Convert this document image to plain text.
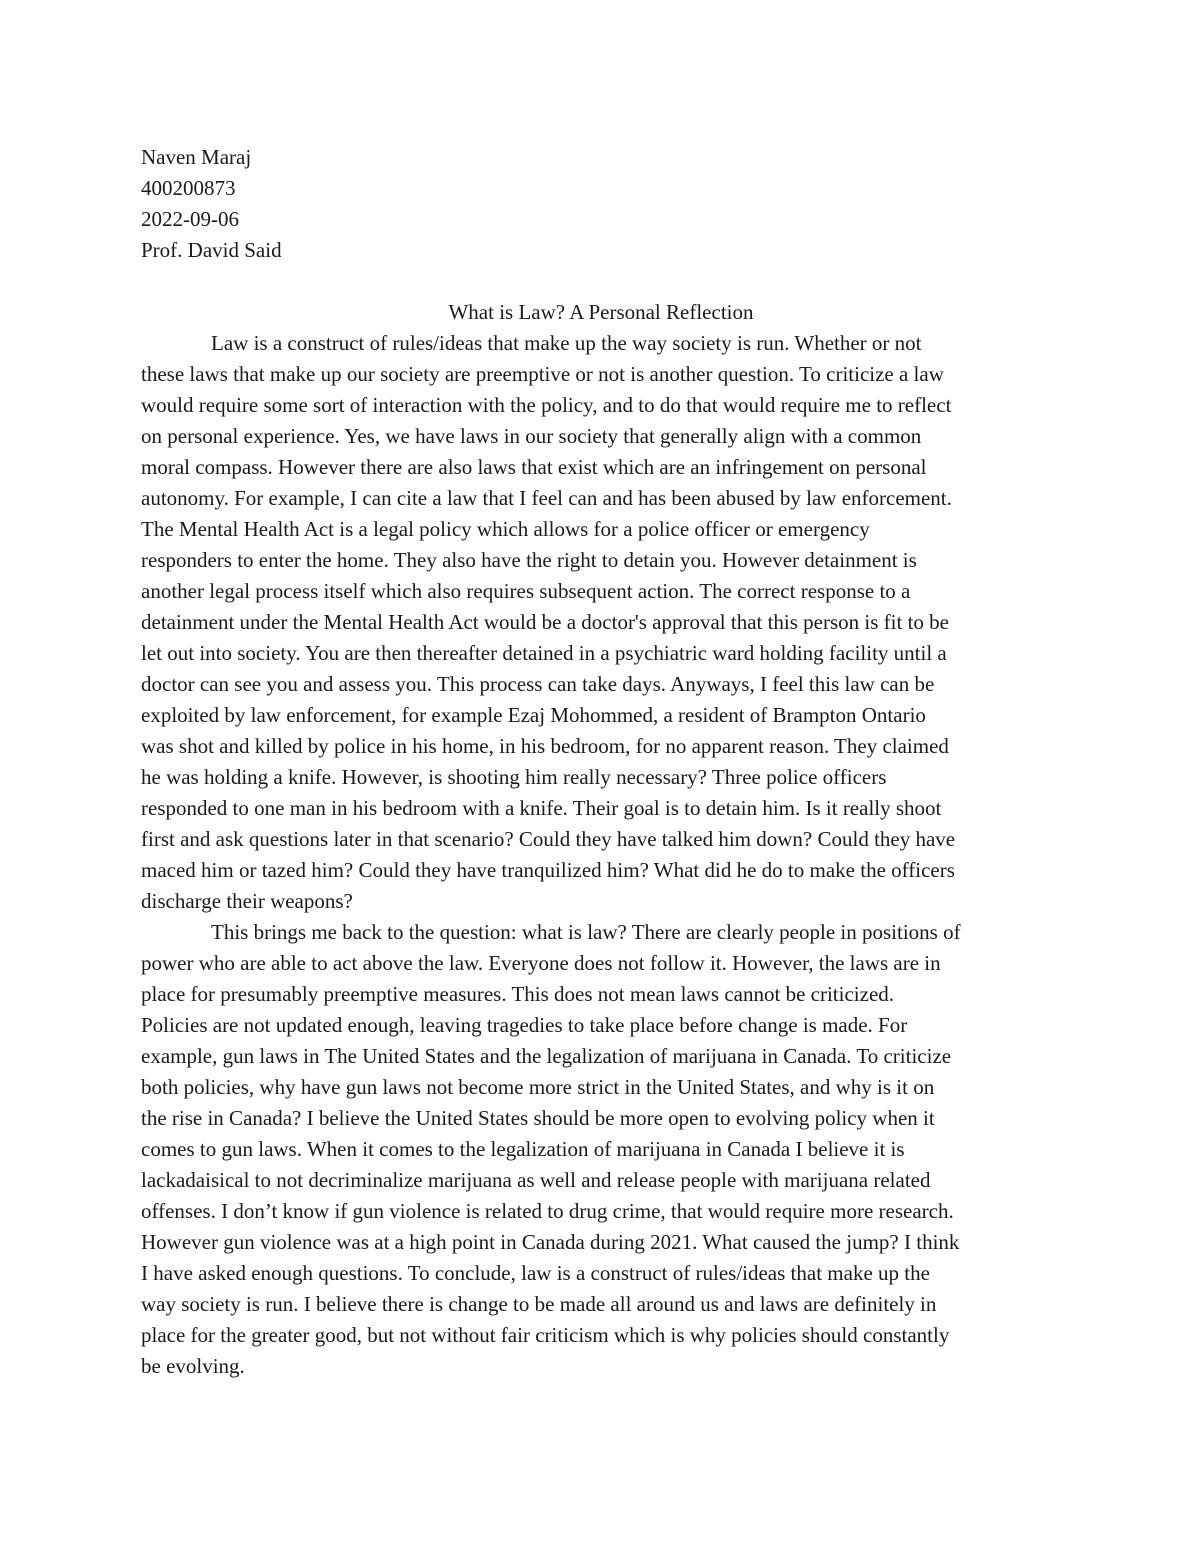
Naven Maraj
400200873
2022-09-06
Prof. David Said
What is Law? A Personal Reflection
Law is a construct of rules/ideas that make up the way society is run. Whether or not
these laws that make up our society are preemptive or not is another question. To criticize a law
would require some sort of interaction with the policy, and to do that would require me to reflect
on personal experience. Yes, we have laws in our society that generally align with a common
moral compass. However there are also laws that exist which are an infringement on personal
autonomy. For example, I can cite a law that I feel can and has been abused by law enforcement.
The Mental Health Act is a legal policy which allows for a police officer or emergency
responders to enter the home. They also have the right to detain you. However detainment is
another legal process itself which also requires subsequent action. The correct response to a
detainment under the Mental Health Act would be a doctor's approval that this person is fit to be
let out into society. You are then thereafter detained in a psychiatric ward holding facility until a
doctor can see you and assess you. This process can take days. Anyways, I feel this law can be
exploited by law enforcement, for example Ezaj Mohommed, a resident of Brampton Ontario
was shot and killed by police in his home, in his bedroom, for no apparent reason. They claimed
he was holding a knife. However, is shooting him really necessary? Three police officers
responded to one man in his bedroom with a knife. Their goal is to detain him. Is it really shoot
first and ask questions later in that scenario? Could they have talked him down? Could they have
maced him or tazed him? Could they have tranquilized him? What did he do to make the officers
discharge their weapons?
This brings me back to the question: what is law? There are clearly people in positions of
power who are able to act above the law. Everyone does not follow it. However, the laws are in
place for presumably preemptive measures. This does not mean laws cannot be criticized.
Policies are not updated enough, leaving tragedies to take place before change is made. For
example, gun laws in The United States and the legalization of marijuana in Canada. To criticize
both policies, why have gun laws not become more strict in the United States, and why is it on
the rise in Canada? I believe the United States should be more open to evolving policy when it
comes to gun laws. When it comes to the legalization of marijuana in Canada I believe it is
lackadaisical to not decriminalize marijuana as well and release people with marijuana related
offenses. I don’t know if gun violence is related to drug crime, that would require more research.
However gun violence was at a high point in Canada during 2021. What caused the jump? I think
I have asked enough questions. To conclude, law is a construct of rules/ideas that make up the
way society is run. I believe there is change to be made all around us and laws are definitely in
place for the greater good, but not without fair criticism which is why policies should constantly
be evolving.
